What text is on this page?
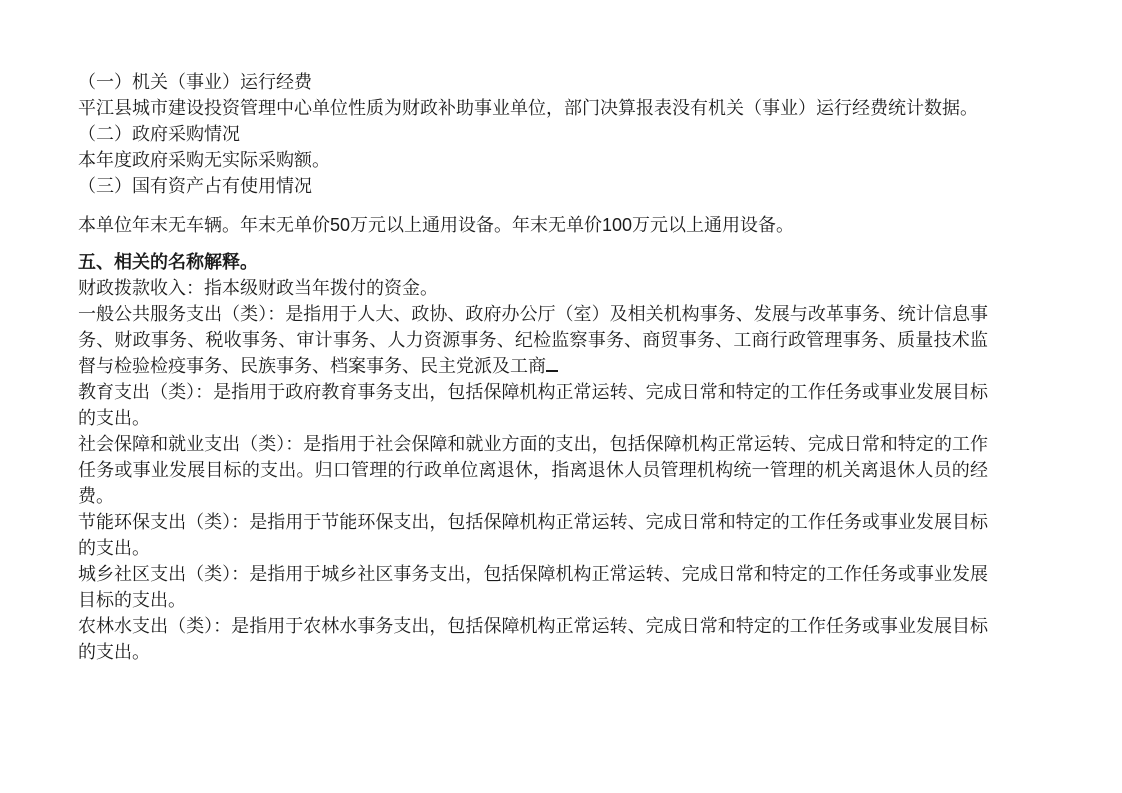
（一）机关（事业）运行经费

平江县城市建设投资管理中心单位性质为财政补助事业单位，部门决算报表没有机关（事业）运行经费统计数据。

（二）政府采购情况

本年度政府采购无实际采购额。

（三）国有资产占有使用情况

本单位年末无车辆。年末无单价50万元以上通用设备。年末无单价100万元以上通用设备。

五、相关的名称解释。

财政拨款收入：指本级财政当年拨付的资金。

一般公共服务支出（类）：是指用于人大、政协、政府办公厅（室）及相关机构事务、发展与改革事务、统计信息事务、财政事务、税收事务、审计事务、人力资源事务、纪检监察事务、商贸事务、工商行政管理事务、质量技术监督与检验检疫事务、民族事务、档案事务、民主党派及工商

教育支出（类）：是指用于政府教育事务支出，包括保障机构正常运转、完成日常和特定的工作任务或事业发展目标的支出。

社会保障和就业支出（类）：是指用于社会保障和就业方面的支出，包括保障机构正常运转、完成日常和特定的工作任务或事业发展目标的支出。归口管理的行政单位离退休，指离退休人员管理机构统一管理的机关离退休人员的经费。

节能环保支出（类）：是指用于节能环保支出，包括保障机构正常运转、完成日常和特定的工作任务或事业发展目标的支出。

城乡社区支出（类）：是指用于城乡社区事务支出，包括保障机构正常运转、完成日常和特定的工作任务或事业发展目标的支出。

农林水支出（类）：是指用于农林水事务支出，包括保障机构正常运转、完成日常和特定的工作任务或事业发展目标的支出。
